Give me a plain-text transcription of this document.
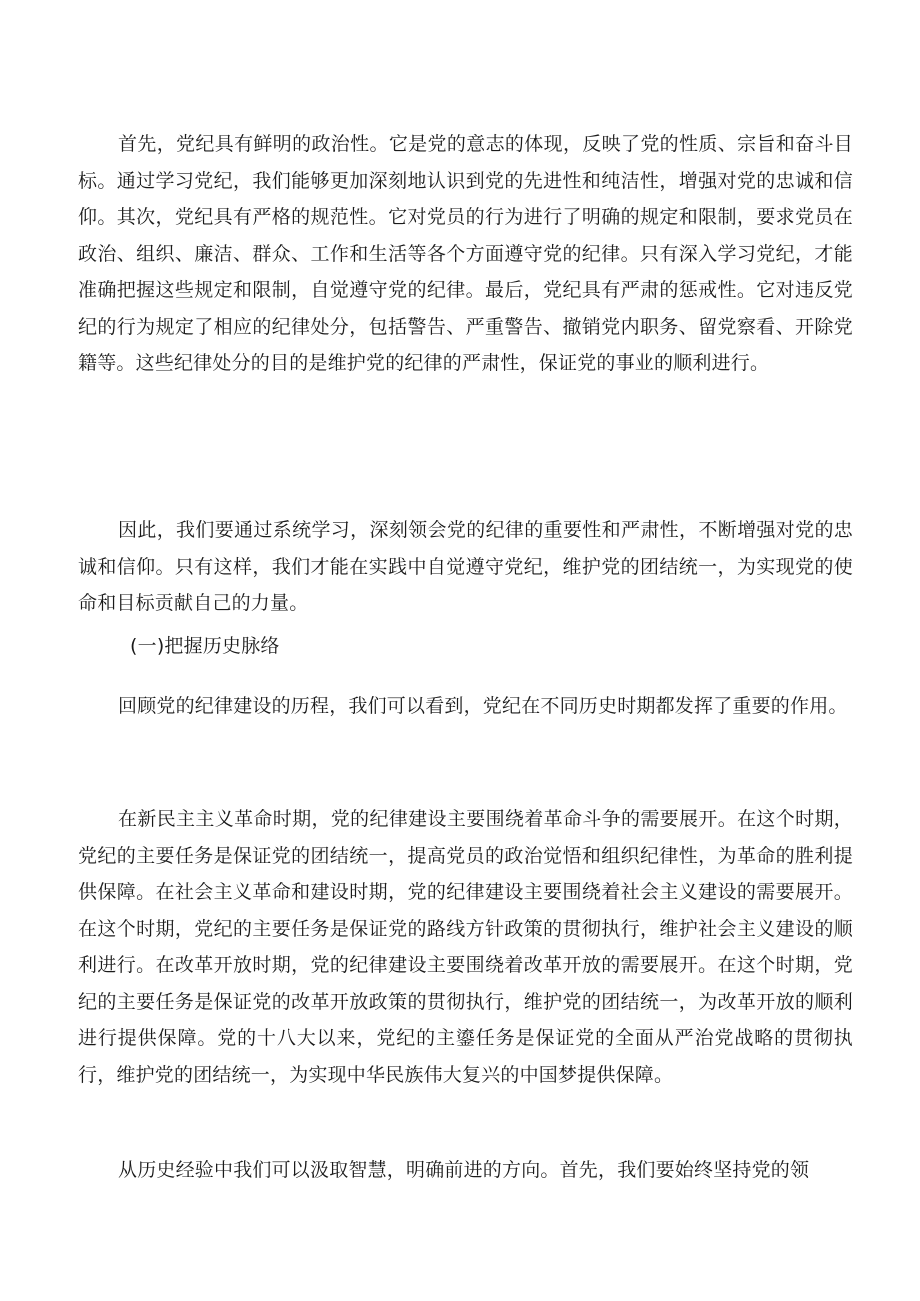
首先，党纪具有鲜明的政治性。它是党的意志的体现，反映了党的性质、宗旨和奋斗目标。通过学习党纪，我们能够更加深刻地认识到党的先进性和纯洁性，增强对党的忠诚和信仰。其次，党纪具有严格的规范性。它对党员的行为进行了明确的规定和限制，要求党员在政治、组织、廉洁、群众、工作和生活等各个方面遵守党的纪律。只有深入学习党纪，才能准确把握这些规定和限制，自觉遵守党的纪律。最后，党纪具有严肃的惩戒性。它对违反党纪的行为规定了相应的纪律处分，包括警告、严重警告、撤销党内职务、留党察看、开除党籍等。这些纪律处分的目的是维护党的纪律的严肃性，保证党的事业的顺利进行。

因此，我们要通过系统学习，深刻领会党的纪律的重要性和严肃性，不断增强对党的忠诚和信仰。只有这样，我们才能在实践中自觉遵守党纪，维护党的团结统一，为实现党的使命和目标贡献自己的力量。

(一)把握历史脉络

回顾党的纪律建设的历程，我们可以看到，党纪在不同历史时期都发挥了重要的作用。

在新民主主义革命时期，党的纪律建设主要围绕着革命斗争的需要展开。在这个时期，党纪的主要任务是保证党的团结统一，提高党员的政治觉悟和组织纪律性，为革命的胜利提供保障。在社会主义革命和建设时期，党的纪律建设主要围绕着社会主义建设的需要展开。在这个时期，党纪的主要任务是保证党的路线方针政策的贯彻执行，维护社会主义建设的顺利进行。在改革开放时期，党的纪律建设主要围绕着改革开放的需要展开。在这个时期，党纪的主要任务是保证党的改革开放政策的贯彻执行，维护党的团结统一，为改革开放的顺利进行提供保障。党的十八大以来，党纪的主鎏任务是保证党的全面从严治党战略的贯彻执行，维护党的团结统一，为实现中华民族伟大复兴的中国梦提供保障。

从历史经验中我们可以汲取智慧，明确前进的方向。首先，我们要始终坚持党的领
